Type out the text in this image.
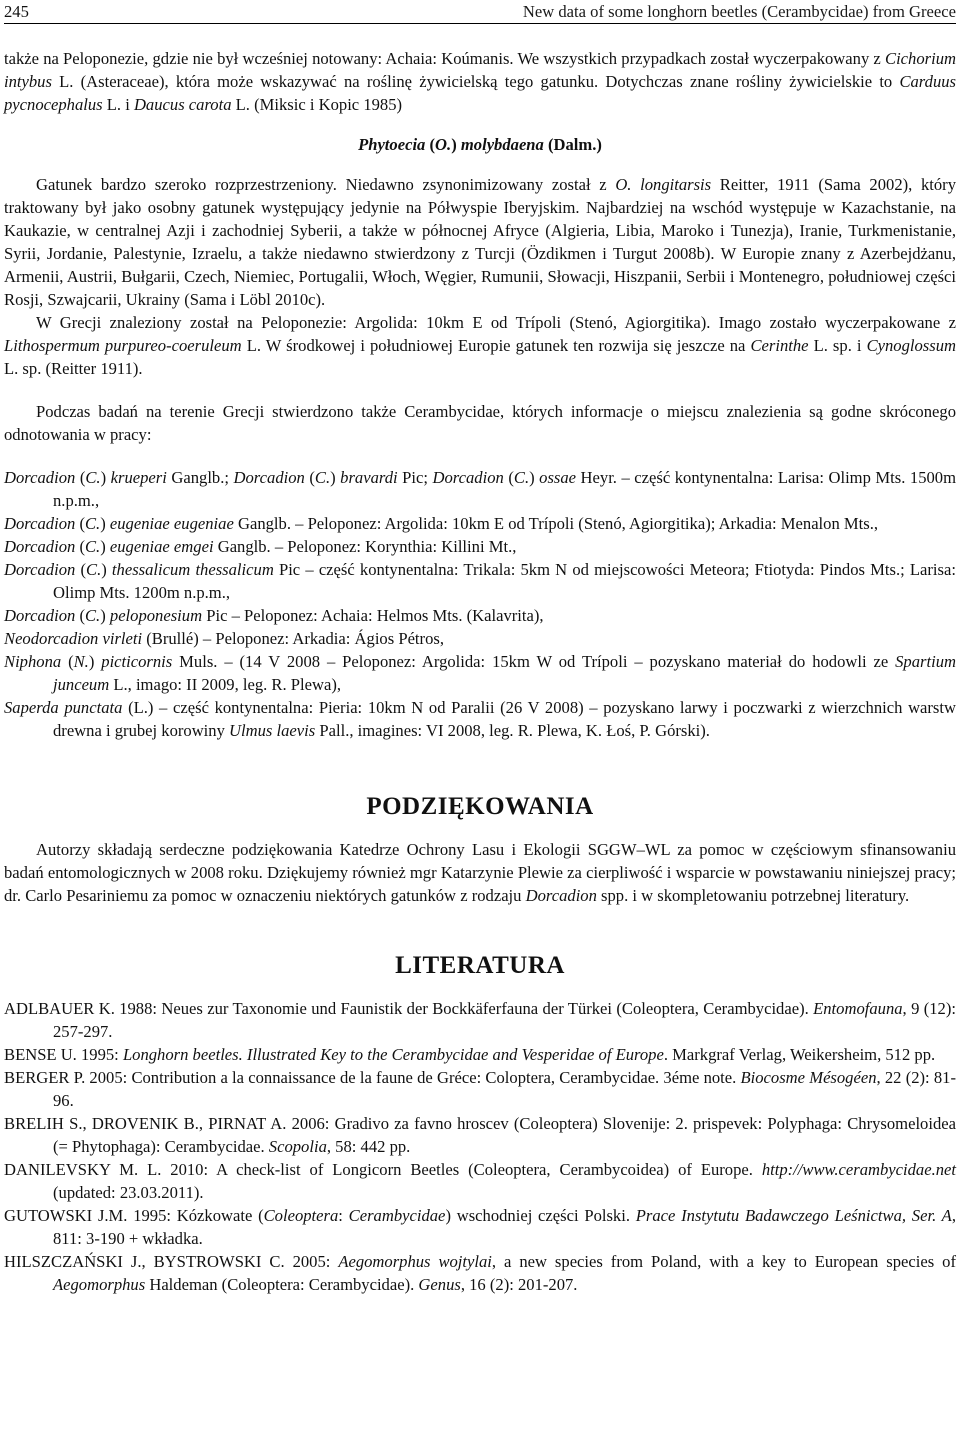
245	New data of some longhorn beetles (Cerambycidae) from Greece

także na Peloponezie, gdzie nie był wcześniej notowany: Achaia: Koúmanis. We wszystkich przypadkach został wyczerpakowany z Cichorium intybus L. (Asteraceae), która może wskazywać na roślinę żywicielską tego gatunku. Dotychczas znane rośliny żywicielskie to Carduus pycnocephalus L. i Daucus carota L. (Miksic i Kopic 1985)

Phytoecia (O.) molybdaena (Dalm.)

Gatunek bardzo szeroko rozprzestrzeniony. Niedawno zsynonimizowany został z O. longitarsis Reitter, 1911 (Sama 2002), który traktowany był jako osobny gatunek występujący jedynie na Półwyspie Iberyjskim. Najbardziej na wschód występuje w Kazachstanie, na Kaukazie, w centralnej Azji i zachodniej Syberii, a także w północnej Afryce (Algieria, Libia, Maroko i Tunezja), Iranie, Turkmenistanie, Syrii, Jordanie, Palestynie, Izraelu, a także niedawno stwierdzony z Turcji (Özdikmen i Turgut 2008b). W Europie znany z Azerbejdżanu, Armenii, Austrii, Bułgarii, Czech, Niemiec, Portugalii, Włoch, Węgier, Rumunii, Słowacji, Hiszpanii, Serbii i Montenegro, południowej części Rosji, Szwajcarii, Ukrainy (Sama i Löbl 2010c).

W Grecji znaleziony został na Peloponezie: Argolida: 10km E od Trípoli (Stenó, Agiorgitika). Imago zostało wyczerpakowane z Lithospermum purpureo-coeruleum L. W środkowej i południowej Europie gatunek ten rozwija się jeszcze na Cerinthe L. sp. i Cynoglossum L. sp. (Reitter 1911).

Podczas badań na terenie Grecji stwierdzono także Cerambycidae, których informacje o miejscu znalezienia są godne skróconego odnotowania w pracy:

Dorcadion (C.) krueperi Ganglb.; Dorcadion (C.) bravardi Pic; Dorcadion (C.) ossae Heyr. – część kontynentalna: Larisa: Olimp Mts. 1500m n.p.m.,

Dorcadion (C.) eugeniae eugeniae Ganglb. – Peloponez: Argolida: 10km E od Trípoli (Stenó, Agiorgitika); Arkadia: Menalon Mts.,

Dorcadion (C.) eugeniae emgei Ganglb. – Peloponez: Korynthia: Killini Mt.,

Dorcadion (C.) thessalicum thessalicum Pic – część kontynentalna: Trikala: 5km N od miejscowości Meteora; Ftiotyda: Pindos Mts.; Larisa: Olimp Mts. 1200m n.p.m.,

Dorcadion (C.) peloponesium Pic – Peloponez: Achaia: Helmos Mts. (Kalavrita),

Neodorcadion virleti (Brullé) – Peloponez: Arkadia: Ágios Pétros,

Niphona (N.) picticornis Muls. – (14 V 2008 – Peloponez: Argolida: 15km W od Trípoli – pozyskano materiał do hodowli ze Spartium junceum L., imago: II 2009, leg. R. Plewa),

Saperda punctata (L.) – część kontynentalna: Pieria: 10km N od Paralii (26 V 2008) – pozyskano larwy i poczwarki z wierzchnich warstw drewna i grubej korowiny Ulmus laevis Pall., imagines: VI 2008, leg. R. Plewa, K. Łoś, P. Górski).

PODZIĘKOWANIA

Autorzy składają serdeczne podziękowania Katedrze Ochrony Lasu i Ekologii SGGW–WL za pomoc w częściowym sfinansowaniu badań entomologicznych w 2008 roku. Dziękujemy również mgr Katarzynie Plewie za cierpliwość i wsparcie w powstawaniu niniejszej pracy; dr. Carlo Pesariniemu za pomoc w oznaczeniu niektórych gatunków z rodzaju Dorcadion spp. i w skompletowaniu potrzebnej literatury.

LITERATURA

ADLBAUER K. 1988: Neues zur Taxonomie und Faunistik der Bockkäferfauna der Türkei (Coleoptera, Cerambycidae). Entomofauna, 9 (12): 257-297.

BENSE U. 1995: Longhorn beetles. Illustrated Key to the Cerambycidae and Vesperidae of Europe. Markgraf Verlag, Weikersheim, 512 pp.

BERGER P. 2005: Contribution a la connaissance de la faune de Gréce: Coloptera, Cerambycidae. 3éme note. Biocosme Mésogéen, 22 (2): 81-96.

BRELIH S., DROVENIK B., PIRNAT A. 2006: Gradivo za favno hroscev (Coleoptera) Slovenije: 2. prispevek: Polyphaga: Chrysomeloidea (= Phytophaga): Cerambycidae. Scopolia, 58: 442 pp.

DANILEVSKY M. L. 2010: A check-list of Longicorn Beetles (Coleoptera, Cerambycoidea) of Europe. http://www.cerambycidae.net (updated: 23.03.2011).

GUTOWSKI J.M. 1995: Kózkowate (Coleoptera: Cerambycidae) wschodniej części Polski. Prace Instytutu Badawczego Leśnictwa, Ser. A, 811: 3-190 + wkładka.

HILSZCZAŃSKI J., BYSTROWSKI C. 2005: Aegomorphus wojtylai, a new species from Poland, with a key to European species of Aegomorphus Haldeman (Coleoptera: Cerambycidae). Genus, 16 (2): 201-207.
